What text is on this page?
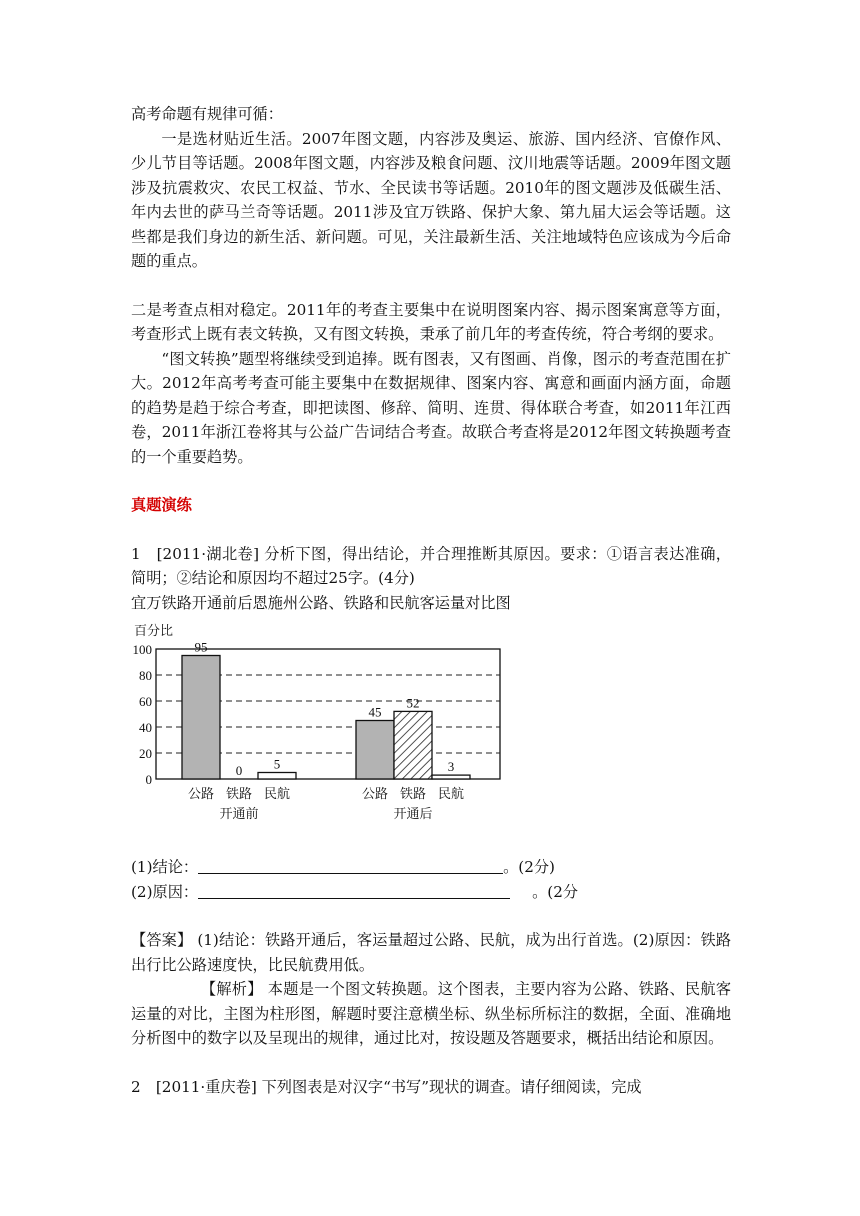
高考命题有规律可循：

一是选材贴近生活。2007年图文题，内容涉及奥运、旅游、国内经济、官僚作风、少儿节目等话题。2008年图文题，内容涉及粮食问题、汶川地震等话题。2009年图文题涉及抗震救灾、农民工权益、节水、全民读书等话题。2010年的图文题涉及低碳生活、年内去世的萨马兰奇等话题。2011涉及宜万铁路、保护大象、第九届大运会等话题。这些都是我们身边的新生活、新问题。可见，关注最新生活、关注地域特色应该成为今后命题的重点。

二是考查点相对稳定。2011年的考查主要集中在说明图案内容、揭示图案寓意等方面，考查形式上既有表文转换，又有图文转换，秉承了前几年的考查传统，符合考纲的要求。

“图文转换”题型将继续受到追捧。既有图表，又有图画、肖像，图示的考查范围在扩大。2012年高考考查可能主要集中在数据规律、图案内容、寓意和画面内涵方面，命题的趋势是趋于综合考查，即把读图、修辞、简明、连贯、得体联合考查，如2011年江西卷，2011年浙江卷将其与公益广告词结合考查。故联合考查将是2012年图文转换题考查的一个重要趋势。

真题演练

1　[2011·湖北卷] 分析下图，得出结论，并合理推断其原因。要求：①语言表达准确，简明；②结论和原因均不超过25字。(4分)

宜万铁路开通前后恩施州公路、铁路和民航客运量对比图

(1)结论：	。(2分)

(2)原因：	。(2分

【答案】 (1)结论：铁路开通后，客运量超过公路、民航，成为出行首选。(2)原因：铁路出行比公路速度快，比民航费用低。

【解析】 本题是一个图文转换题。这个图表，主要内容为公路、铁路、民航客运量的对比，主图为柱形图，解题时要注意横坐标、纵坐标所标注的数据，全面、准确地分析图中的数字以及呈现出的规律，通过比对，按设题及答题要求，概括出结论和原因。

2　[2011·重庆卷] 下列图表是对汉字“书写”现状的调查。请仔细阅读，完成

0
20
40
60
80
100
百分比
95
公路
0
铁路
5
民航
开通前
45
公路
52
铁路
3
民航
开通后
